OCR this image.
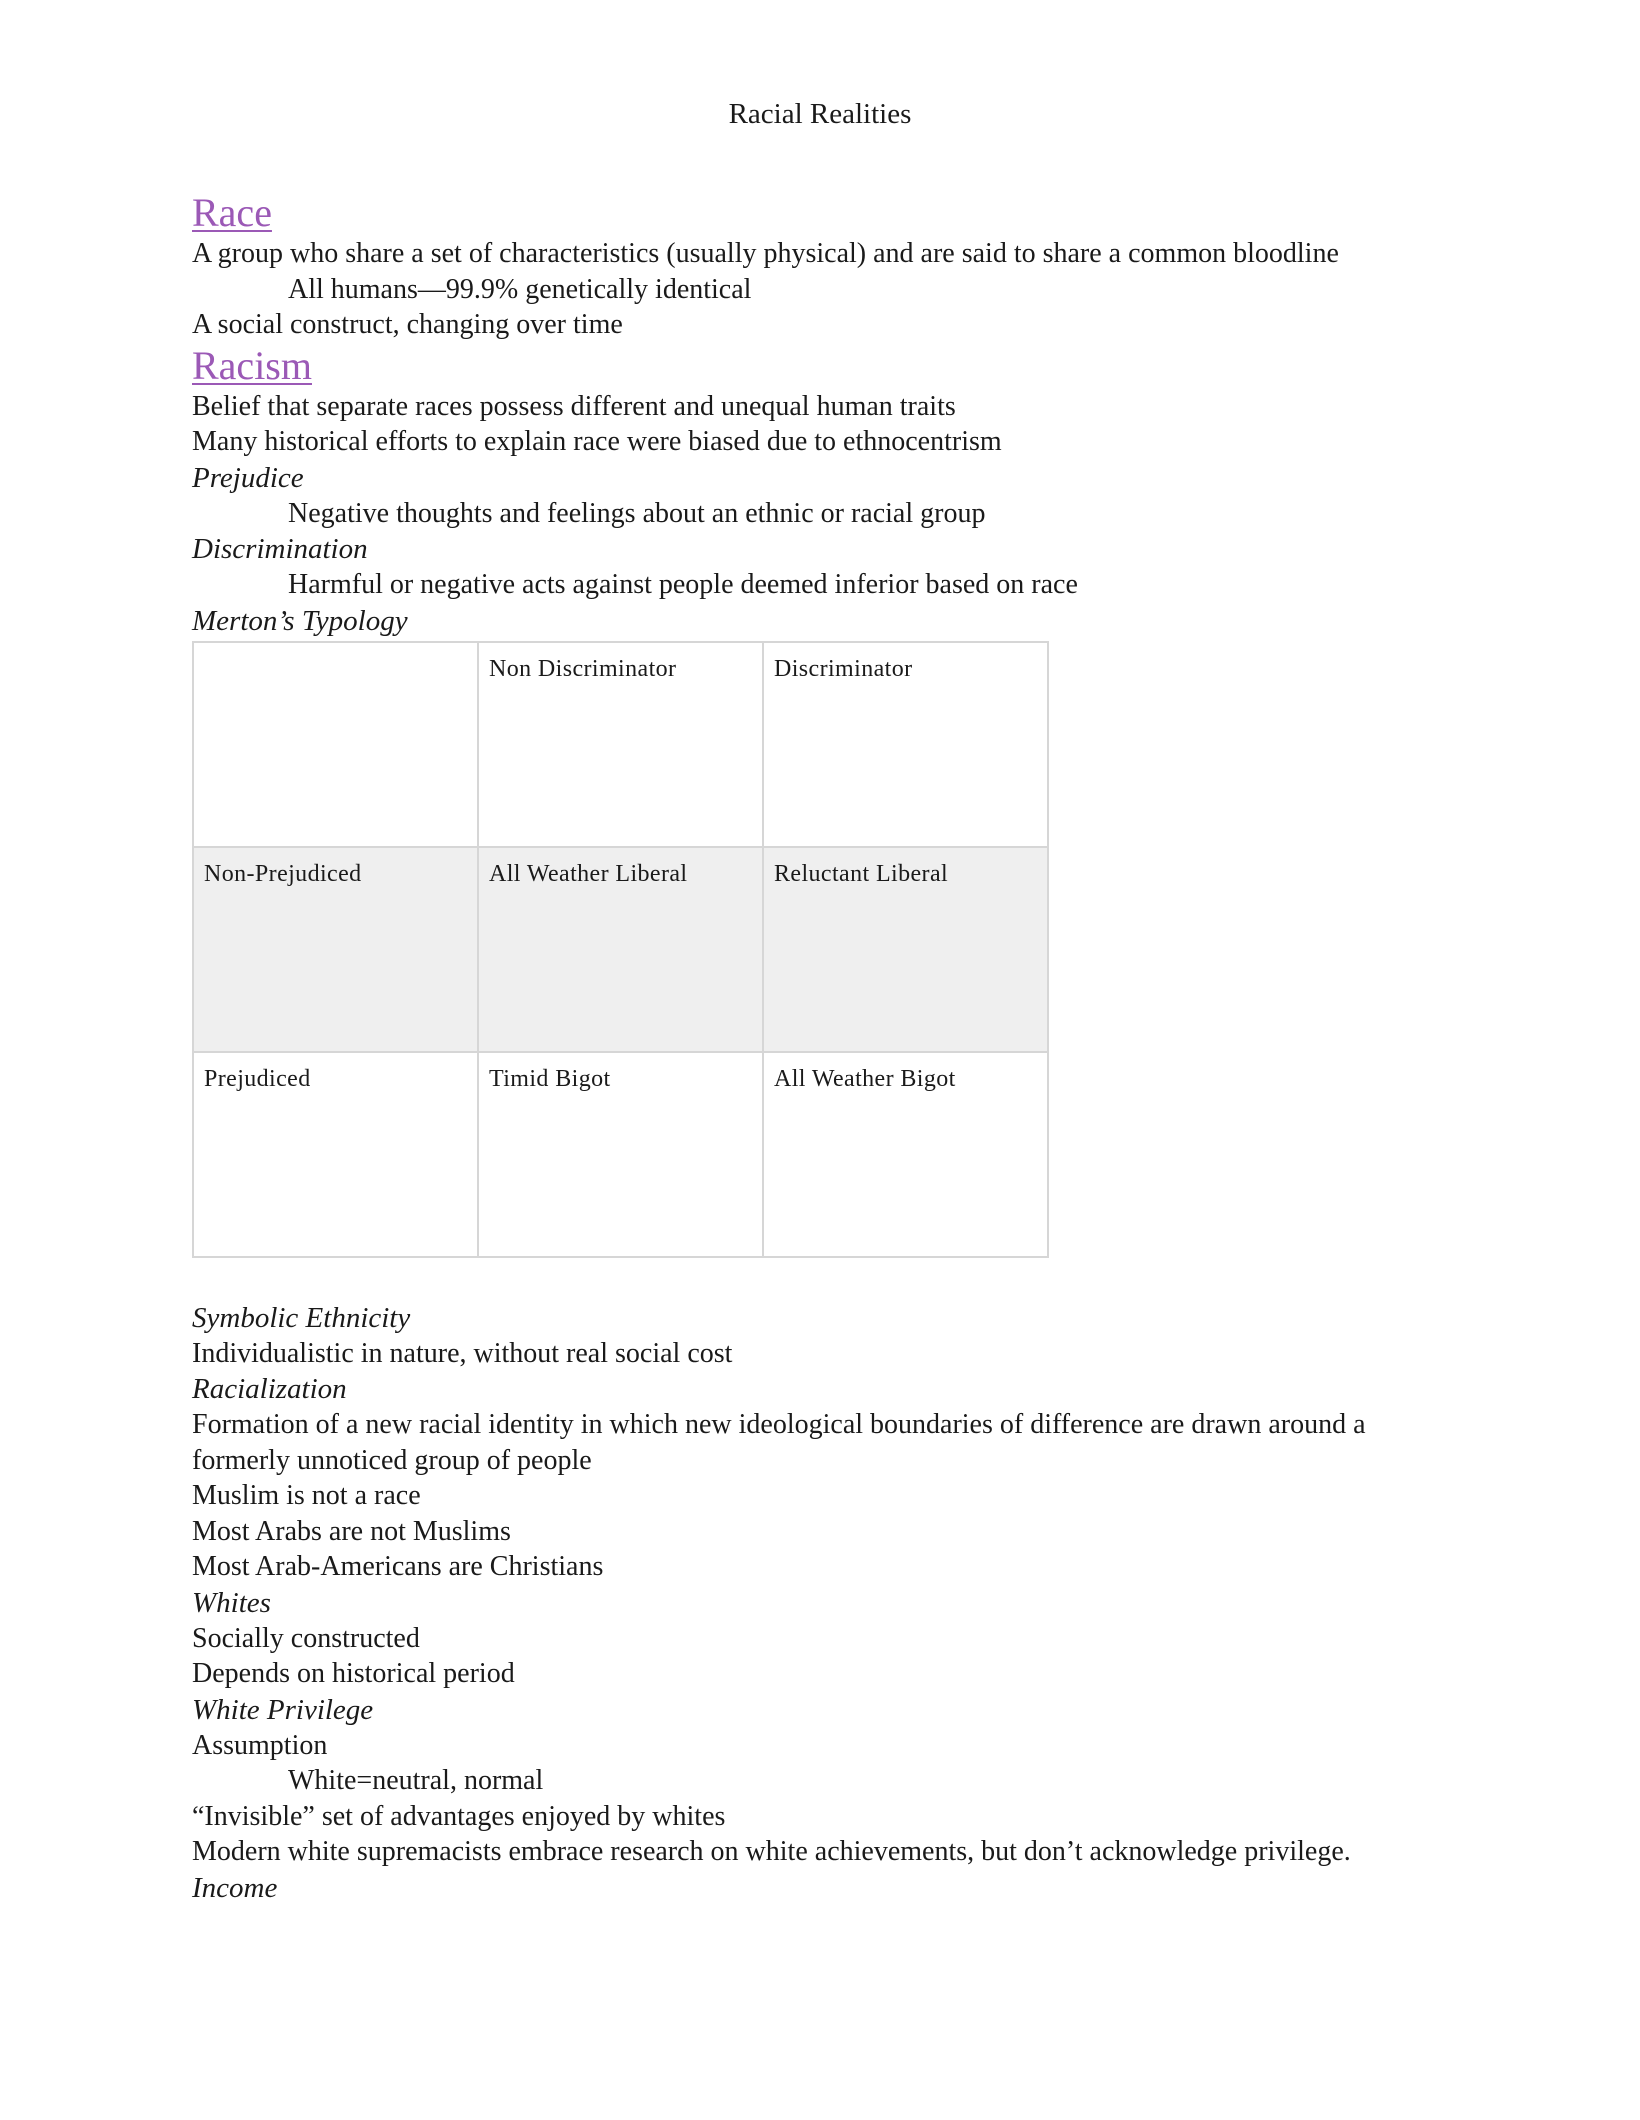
Racial Realities
Race
A group who share a set of characteristics (usually physical) and are said to share a common bloodline
All humans—99.9% genetically identical
A social construct, changing over time
Racism
Belief that separate races possess different and unequal human traits
Many historical efforts to explain race were biased due to ethnocentrism
Prejudice
Negative thoughts and feelings about an ethnic or racial group
Discrimination
Harmful or negative acts against people deemed inferior based on race
Merton’s Typology
	Non Discriminator	Discriminator
Non-Prejudiced	All Weather Liberal	Reluctant Liberal
Prejudiced	Timid Bigot	All Weather Bigot
Symbolic Ethnicity
Individualistic in nature, without real social cost
Racialization
Formation of a new racial identity in which new ideological boundaries of difference are drawn around a formerly unnoticed group of people
Muslim is not a race
Most Arabs are not Muslims
Most Arab-Americans are Christians
Whites
Socially constructed
Depends on historical period
White Privilege
Assumption
White=neutral, normal
“Invisible” set of advantages enjoyed by whites
Modern white supremacists embrace research on white achievements, but don’t acknowledge privilege.
Income
